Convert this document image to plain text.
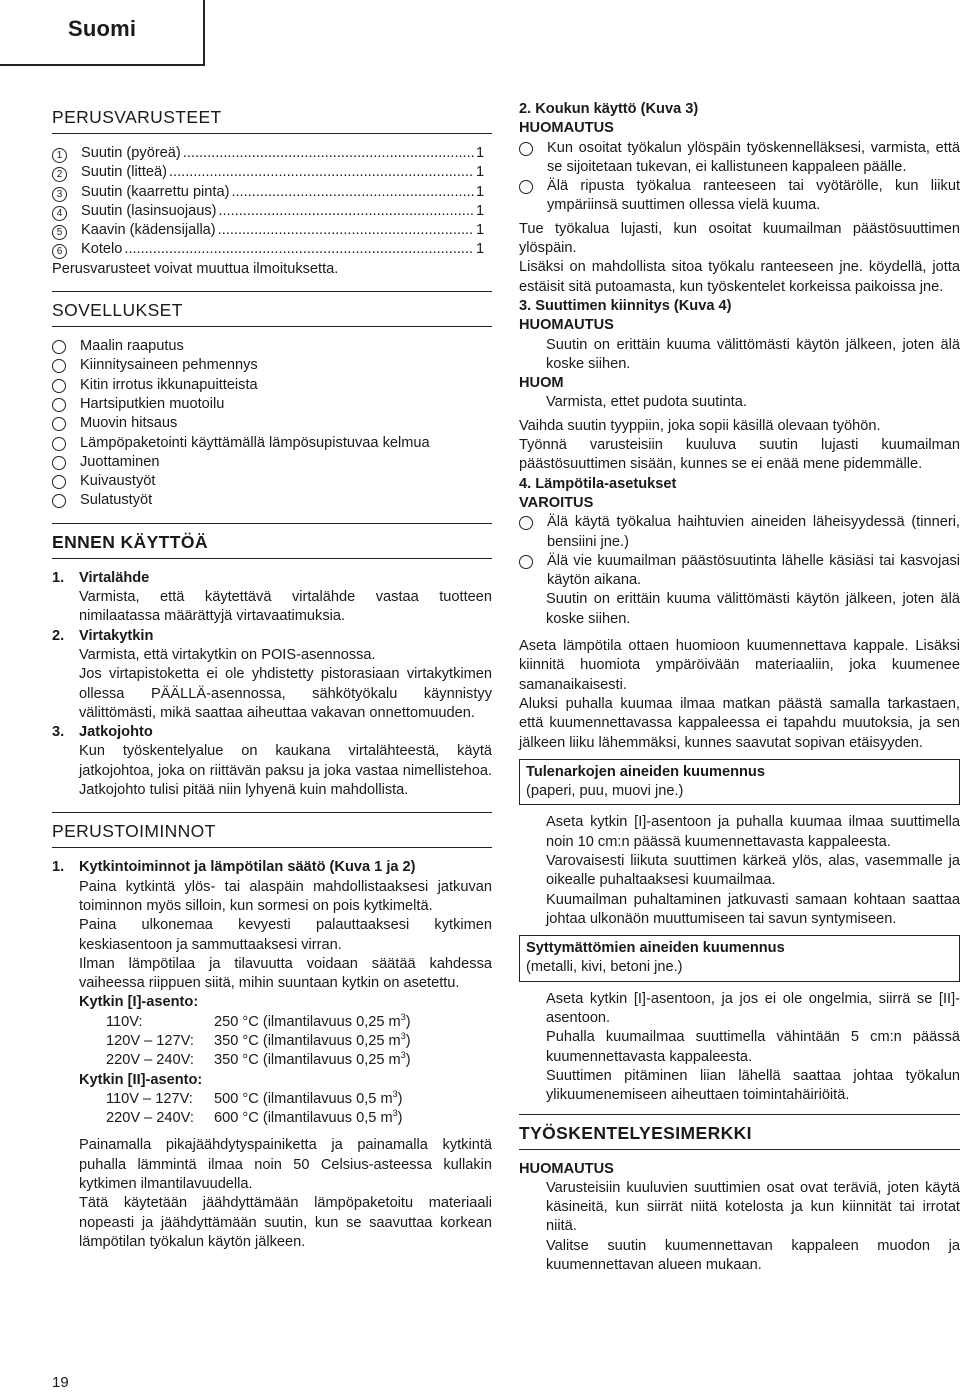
Suomi
PERUSVARUSTEET
1	Suutin (pyöreä) .....	1
2	Suutin (litteä) .....	1
3	Suutin (kaarrettu pinta) .....	1
4	Suutin (lasinsuojaus) .....	1
5	Kaavin (kädensijalla) .....	1
6	Kotelo .....	1
Perusvarusteet voivat muuttua ilmoituksetta.
SOVELLUKSET
Maalin raaputus
Kiinnitysaineen pehmennys
Kitin irrotus ikkunapuitteista
Hartsiputkien muotoilu
Muovin hitsaus
Lämpöpaketointi käyttämällä lämpösupistuvaa kelmua
Juottaminen
Kuivaustyöt
Sulatustyöt
ENNEN KÄYTTÖÄ
1. Virtalähde
Varmista, että käytettävä virtalähde vastaa tuotteen nimilaatassa määrättyjä virtavaatimuksia.
2. Virtakytkin
Varmista, että virtakytkin on POIS-asennossa.
Jos virtapistoketta ei ole yhdistetty pistorasiaan virtakytkimen ollessa PÄÄLLÄ-asennossa, sähkötyökalu käynnistyy välittömästi, mikä saattaa aiheuttaa vakavan onnettomuuden.
3. Jatkojohto
Kun työskentelyalue on kaukana virtalähteestä, käytä jatkojohtoa, joka on riittävän paksu ja joka vastaa nimellistehoa. Jatkojohto tulisi pitää niin lyhyenä kuin mahdollista.
PERUSTOIMINNOT
1. Kytkintoiminnot ja lämpötilan säätö (Kuva 1 ja 2)
Paina kytkintä ylös- tai alaspäin mahdollistaaksesi jatkuvan toiminnon myös silloin, kun sormesi on pois kytkimeltä.
Paina ulkonemaa kevyesti palauttaaksesi kytkimen keskiasentoon ja sammuttaaksesi virran.
Ilman lämpötilaa ja tilavuutta voidaan säätää kahdessa vaiheessa riippuen siitä, mihin suuntaan kytkin on asetettu.
Kytkin [I]-asento:
110V:	250 °C (ilmantilavuus 0,25 $m^3$)
120V – 127V: 350 °C (ilmantilavuus 0,25 $m^3$)
220V – 240V: 350 °C (ilmantilavuus 0,25 $m^3$)
Kytkin [II]-asento:
110V – 127V: 500 °C (ilmantilavuus 0,5 $m^3$)
220V – 240V: 600 °C (ilmantilavuus 0,5 $m^3$)
Painamalla pikajäähdytyspainiketta ja painamalla kytkintä puhalla lämmintä ilmaa noin 50 Celsius-asteessa kullakin kytkimen ilmantilavuudella.
Tätä käytetään jäähdyttämään lämpöpaketoitu materiaali nopeasti ja jäähdyttämään suutin, kun se saavuttaa korkean lämpötilan työkalun käytön jälkeen.
2. Koukun käyttö (Kuva 3)
HUOMAUTUS
Kun osoitat työkalun ylöspäin työskennelläksesi, varmista, että se sijoitetaan tukevan, ei kallistuneen kappaleen päälle.
Älä ripusta työkalua ranteeseen tai vyötärölle, kun liikut ympäriinsä suuttimen ollessa vielä kuuma.
Tue työkalua lujasti, kun osoitat kuumailman päästösuuttimen ylöspäin.
Lisäksi on mahdollista sitoa työkalu ranteeseen jne. köydellä, jotta estäisit sitä putoamasta, kun työskentelet korkeissa paikoissa jne.
3. Suuttimen kiinnitys (Kuva 4)
HUOMAUTUS
Suutin on erittäin kuuma välittömästi käytön jälkeen, joten älä koske siihen.
HUOM
Varmista, ettet pudota suutinta.
Vaihda suutin tyyppiin, joka sopii käsillä olevaan työhön.
Työnnä varusteisiin kuuluva suutin lujasti kuumailman päästösuuttimen sisään, kunnes se ei enää mene pidemmälle.
4. Lämpötila-asetukset
VAROITUS
Älä käytä työkalua haihtuvien aineiden läheisyydessä (tinneri, bensiini jne.)
Älä vie kuumailman päästösuutinta lähelle käsiäsi tai kasvojasi käytön aikana.
Suutin on erittäin kuuma välittömästi käytön jälkeen, joten älä koske siihen.
Aseta lämpötila ottaen huomioon kuumennettava kappale. Lisäksi kiinnitä huomiota ympäröivään materiaaliin, joka kuumenee samanaikaisesti.
Aluksi puhalla kuumaa ilmaa matkan päästä samalla tarkastaen, että kuumennettavassa kappaleessa ei tapahdu muutoksia, ja sen jälkeen liiku lähemmäksi, kunnes saavutat sopivan etäisyyden.
Tulenarkojen aineiden kuumennus
(paperi, puu, muovi jne.)
Aseta kytkin [I]-asentoon ja puhalla kuumaa ilmaa suuttimella noin 10 cm:n päässä kuumennettavasta kappaleesta.
Varovaisesti liikuta suuttimen kärkeä ylös, alas, vasemmalle ja oikealle puhaltaaksesi kuumailmaa.
Kuumailman puhaltaminen jatkuvasti samaan kohtaan saattaa johtaa ulkonäön muuttumiseen tai savun syntymiseen.
Syttymättömien aineiden kuumennus
(metalli, kivi, betoni jne.)
Aseta kytkin [I]-asentoon, ja jos ei ole ongelmia, siirrä se [II]-asentoon.
Puhalla kuumailmaa suuttimella vähintään 5 cm:n päässä kuumennettavasta kappaleesta.
Suuttimen pitäminen liian lähellä saattaa johtaa työkalun ylikuumenemiseen aiheuttaen toimintahäiriöitä.
TYÖSKENTELYESIMERKKI
HUOMAUTUS
Varusteisiin kuuluvien suuttimien osat ovat teräviä, joten käytä käsineitä, kun siirrät niitä kotelosta ja kun kiinnität tai irrotat niitä.
Valitse suutin kuumennettavan kappaleen muodon ja kuumennettavan alueen mukaan.
19
